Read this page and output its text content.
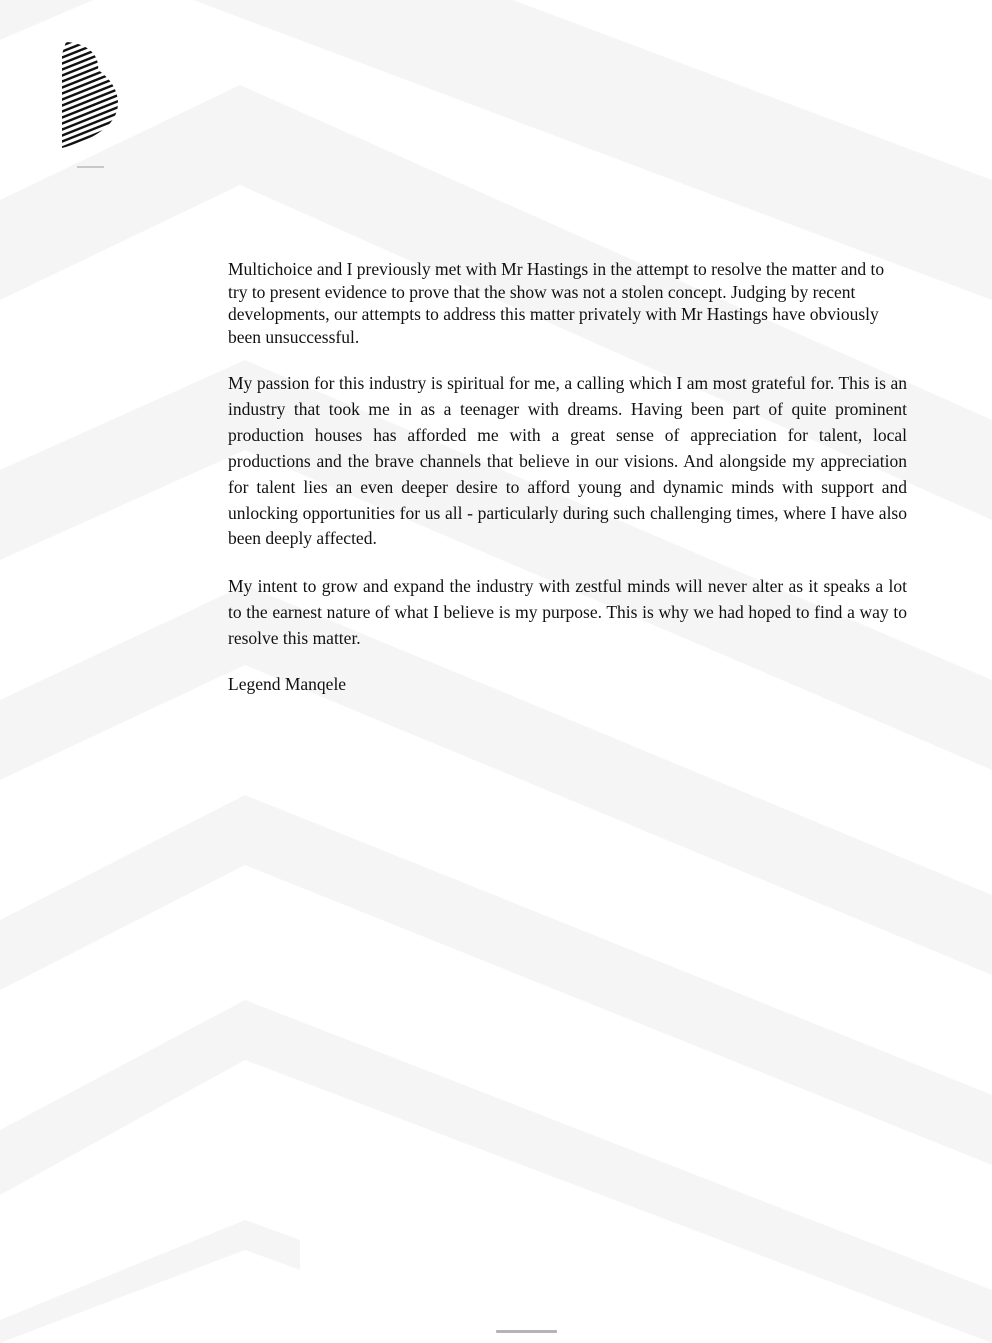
Multichoice and I previously met with Mr Hastings in the attempt to resolve the matter and to try to present evidence to prove that the show was not a stolen concept. Judging by recent developments, our attempts to address this matter privately with Mr Hastings have obviously been unsuccessful.

My passion for this industry is spiritual for me, a calling which I am most grateful for. This is an industry that took me in as a teenager with dreams. Having been part of quite prominent production houses has afforded me with a great sense of appreciation for talent, local productions and the brave channels that believe in our visions. And alongside my appreciation for talent lies an even deeper desire to afford young and dynamic minds with support and unlocking opportunities for us all - particularly during such challenging times, where I have also been deeply affected.

My intent to grow and expand the industry with zestful minds will never alter as it speaks a lot to the earnest nature of what I believe is my purpose. This is why we had hoped to find a way to resolve this matter.

Legend Manqele
